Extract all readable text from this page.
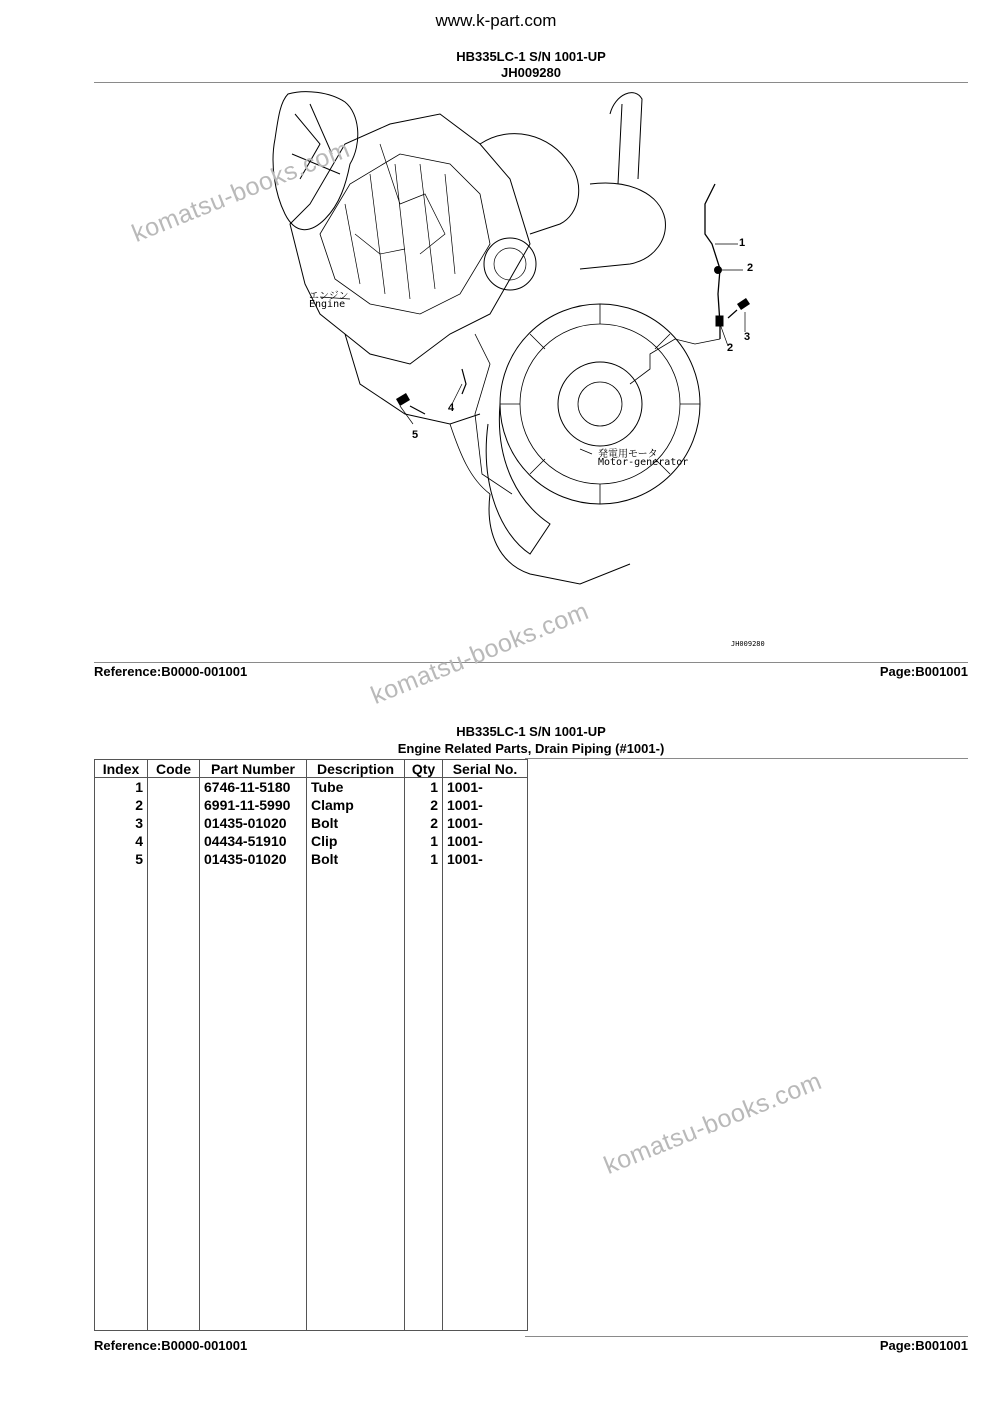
www.k-part.com
HB335LC-1 S/N 1001-UP
JH009280
1
2
2
3
4
5
エンジン
Engine
発電用モータ
Motor-generator
JH009280
Reference:B0000-001001	Page:B001001
HB335LC-1 S/N 1001-UP
Engine Related Parts, Drain Piping (#1001-)
Index	Code	Part Number	Description	Qty	Serial No.
1		6746-11-5180	Tube	1	1001-
2		6991-11-5990	Clamp	2	1001-
3		01435-01020	Bolt	2	1001-
4		04434-51910	Clip	1	1001-
5		01435-01020	Bolt	1	1001-

Reference:B0000-001001	Page:B001001
komatsu-books.com
komatsu-books.com
komatsu-books.com
